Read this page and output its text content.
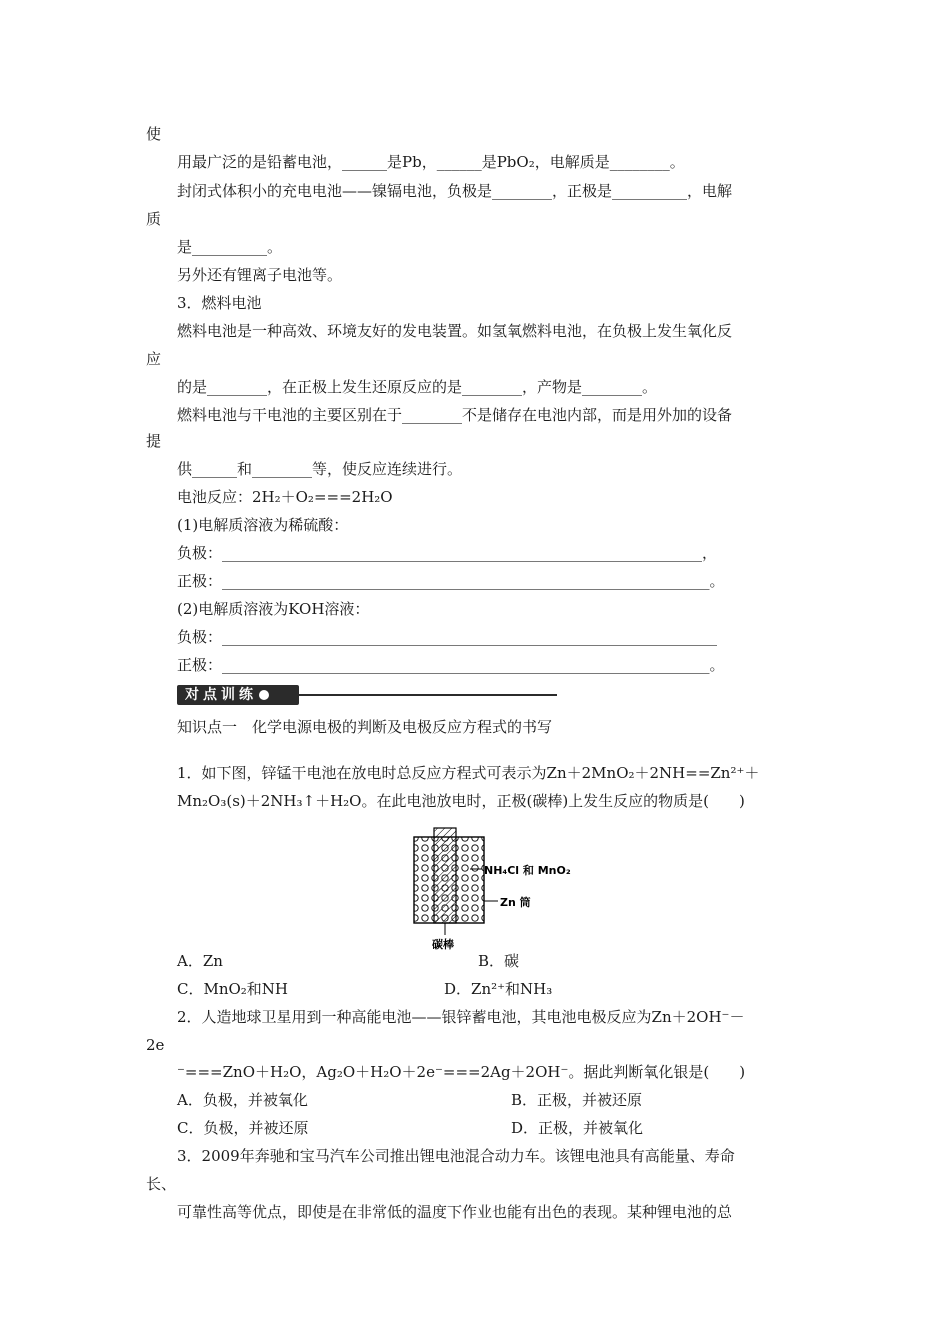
使
用最广泛的是铅蓄电池，______是Pb，______是PbO₂，电解质是________。
封闭式体积小的充电电池——镍镉电池，负极是________，正极是__________，电解
质
是__________。
另外还有锂离子电池等。
3．燃料电池
燃料电池是一种高效、环境友好的发电装置。如氢氧燃料电池，在负极上发生氧化反
应
的是________，在正极上发生还原反应的是________，产物是________。
燃料电池与干电池的主要区别在于________不是储存在电池内部，而是用外加的设备
提
供______和________等，使反应连续进行。
电池反应：2H₂＋O₂===2H₂O
(1)电解质溶液为稀硫酸：
负极：________________________________________________________________，
正极：_________________________________________________________________。
(2)电解质溶液为KOH溶液：
负极：__________________________________________________________________
正极：_________________________________________________________________。
对点训练
知识点一　化学电源电极的判断及电极反应方程式的书写
1．如下图，锌锰干电池在放电时总反应方程式可表示为Zn＋2MnO₂＋2NH==Zn²⁺＋
Mn₂O₃(s)＋2NH₃↑＋H₂O。在此电池放电时，正极(碳棒)上发生反应的物质是(　　)
NH₄Cl 和 MnO₂
Zn 筒
碳棒
A．Zn	B．碳
C．MnO₂和NH	D．Zn²⁺和NH₃
2．人造地球卫星用到一种高能电池——银锌蓄电池，其电池电极反应为Zn＋2OH⁻－
2e
⁻===ZnO＋H₂O，Ag₂O＋H₂O＋2e⁻===2Ag＋2OH⁻。据此判断氧化银是(　　)
A．负极，并被氧化	B．正极，并被还原
C．负极，并被还原	D．正极，并被氧化
3．2009年奔驰和宝马汽车公司推出锂电池混合动力车。该锂电池具有高能量、寿命
长、
可靠性高等优点，即使是在非常低的温度下作业也能有出色的表现。某种锂电池的总
